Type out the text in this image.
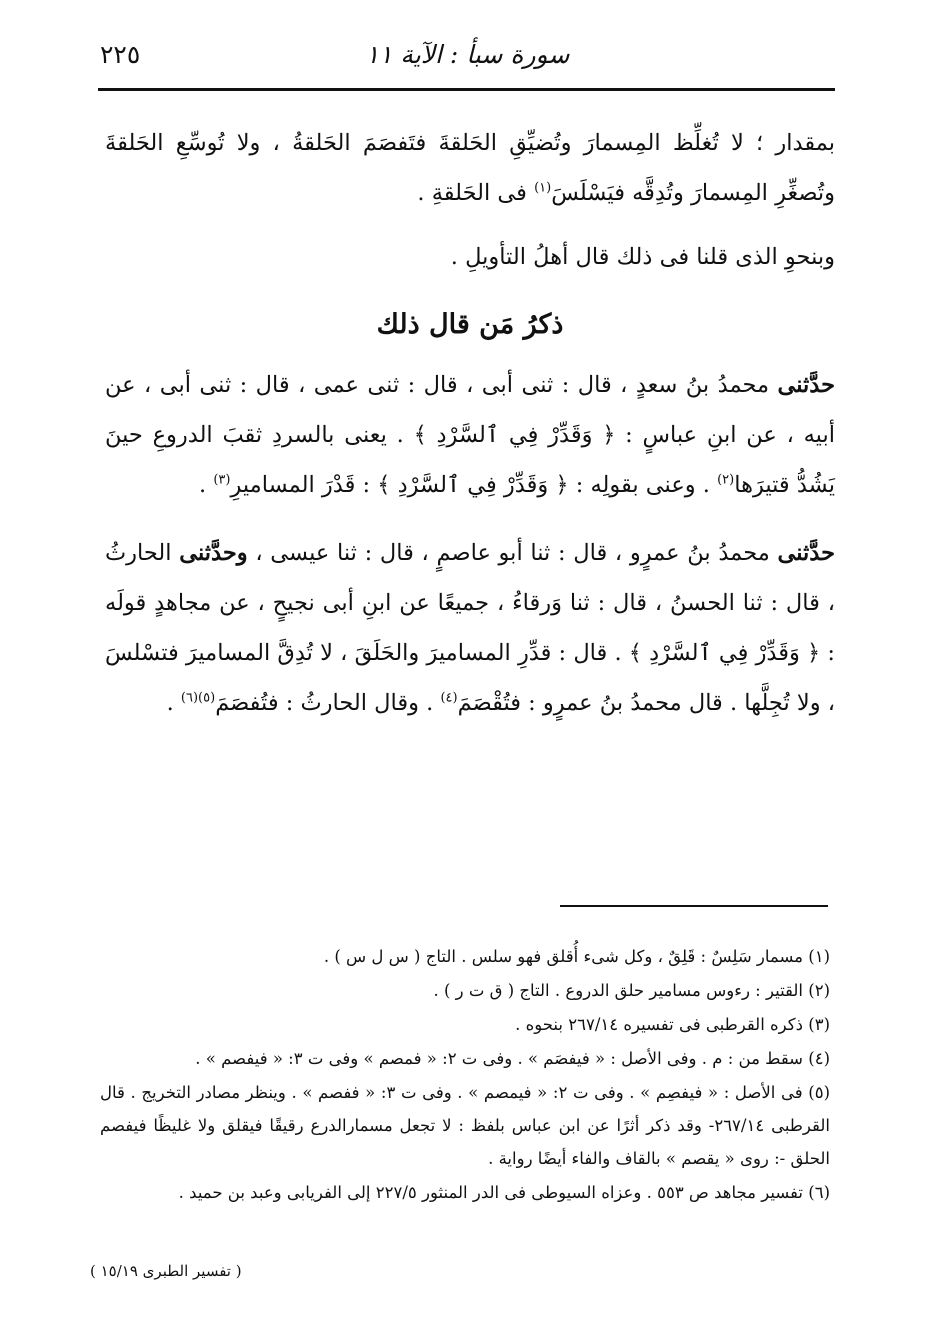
٢٢٥	سورة سبأ : الآية ١١

بمقدار ؛ لا تُغلِّظ المِسمارَ وتُضيِّقِ الحَلقةَ فتَفصَمَ الحَلقةُ ، ولا تُوسِّعِ الحَلقةَ وتُصغِّرِ المِسمارَ وتُدِقَّه فيَسْلَسَ$^{(١)}$ فى الحَلقةِ .

وبنحوِ الذى قلنا فى ذلك قال أهلُ التأويلِ .

ذكرُ مَن قال ذلك

حدَّثنى محمدُ بنُ سعدٍ ، قال : ثنى أبى ، قال : ثنى عمى ، قال : ثنى أبى ، عن أبيه ، عن ابنِ عباسٍ : ﴿ وَقَدِّرْ فِي ٱلسَّرْدِ ﴾ . يعنى بالسردِ ثقبَ الدروعِ حينَ يَشُدُّ قتيرَها$^{(٢)}$ . وعنى بقولِه : ﴿ وَقَدِّرْ فِي ٱلسَّرْدِ ﴾ : قَدْرَ المساميرِ$^{(٣)}$ .

حدَّثنى محمدُ بنُ عمرٍو ، قال : ثنا أبو عاصمٍ ، قال : ثنا عيسى ، وحدَّثنى الحارثُ ، قال : ثنا الحسنُ ، قال : ثنا وَرقاءُ ، جميعًا عن ابنِ أبى نجيحٍ ، عن مجاهدٍ قولَه : ﴿ وَقَدِّرْ فِي ٱلسَّرْدِ ﴾ . قال : قدِّرِ المساميرَ والحَلَقَ ، لا تُدِقَّ المساميرَ فتسْلسَ ، ولا تُجِلَّها . قال محمدُ بنُ عمرٍو : فتُقْصَمَ$^{(٤)}$ . وقال الحارثُ : فتُفصَمَ$^{(٥)(٦)}$ .

(١) مسمار سَلِسٌ : قَلِقٌ ، وكل شىء أُقلق فهو سلس . التاج ( س ل س ) .

(٢) القتير : رءوس مسامير حلق الدروع . التاج ( ق ت ر ) .

(٣) ذكره القرطبى فى تفسيره ٢٦٧/١٤ بنحوه .

(٤) سقط من : م . وفى الأصل : « فيفصَم » . وفى ت ٢: « فمصم » وفى ت ٣: « فيفصم » .

(٥) فى الأصل : « فيفصِم » . وفى ت ٢: « فيمصم » . وفى ت ٣: « ففصم » . وينظر مصادر التخريج . قال القرطبى ٢٦٧/١٤- وقد ذكر أثرًا عن ابن عباس بلفظ : لا تجعل مسمارالدرع رقيقًا فيقلق ولا غليظًا فيفصم الحلق -: روى « يقصم » بالقاف والفاء أيضًا رواية .

(٦) تفسير مجاهد ص ٥٥٣ . وعزاه السيوطى فى الدر المنثور ٢٢٧/٥ إلى الفريابى وعبد بن حميد .

( تفسير الطبرى ١٥/١٩ )
